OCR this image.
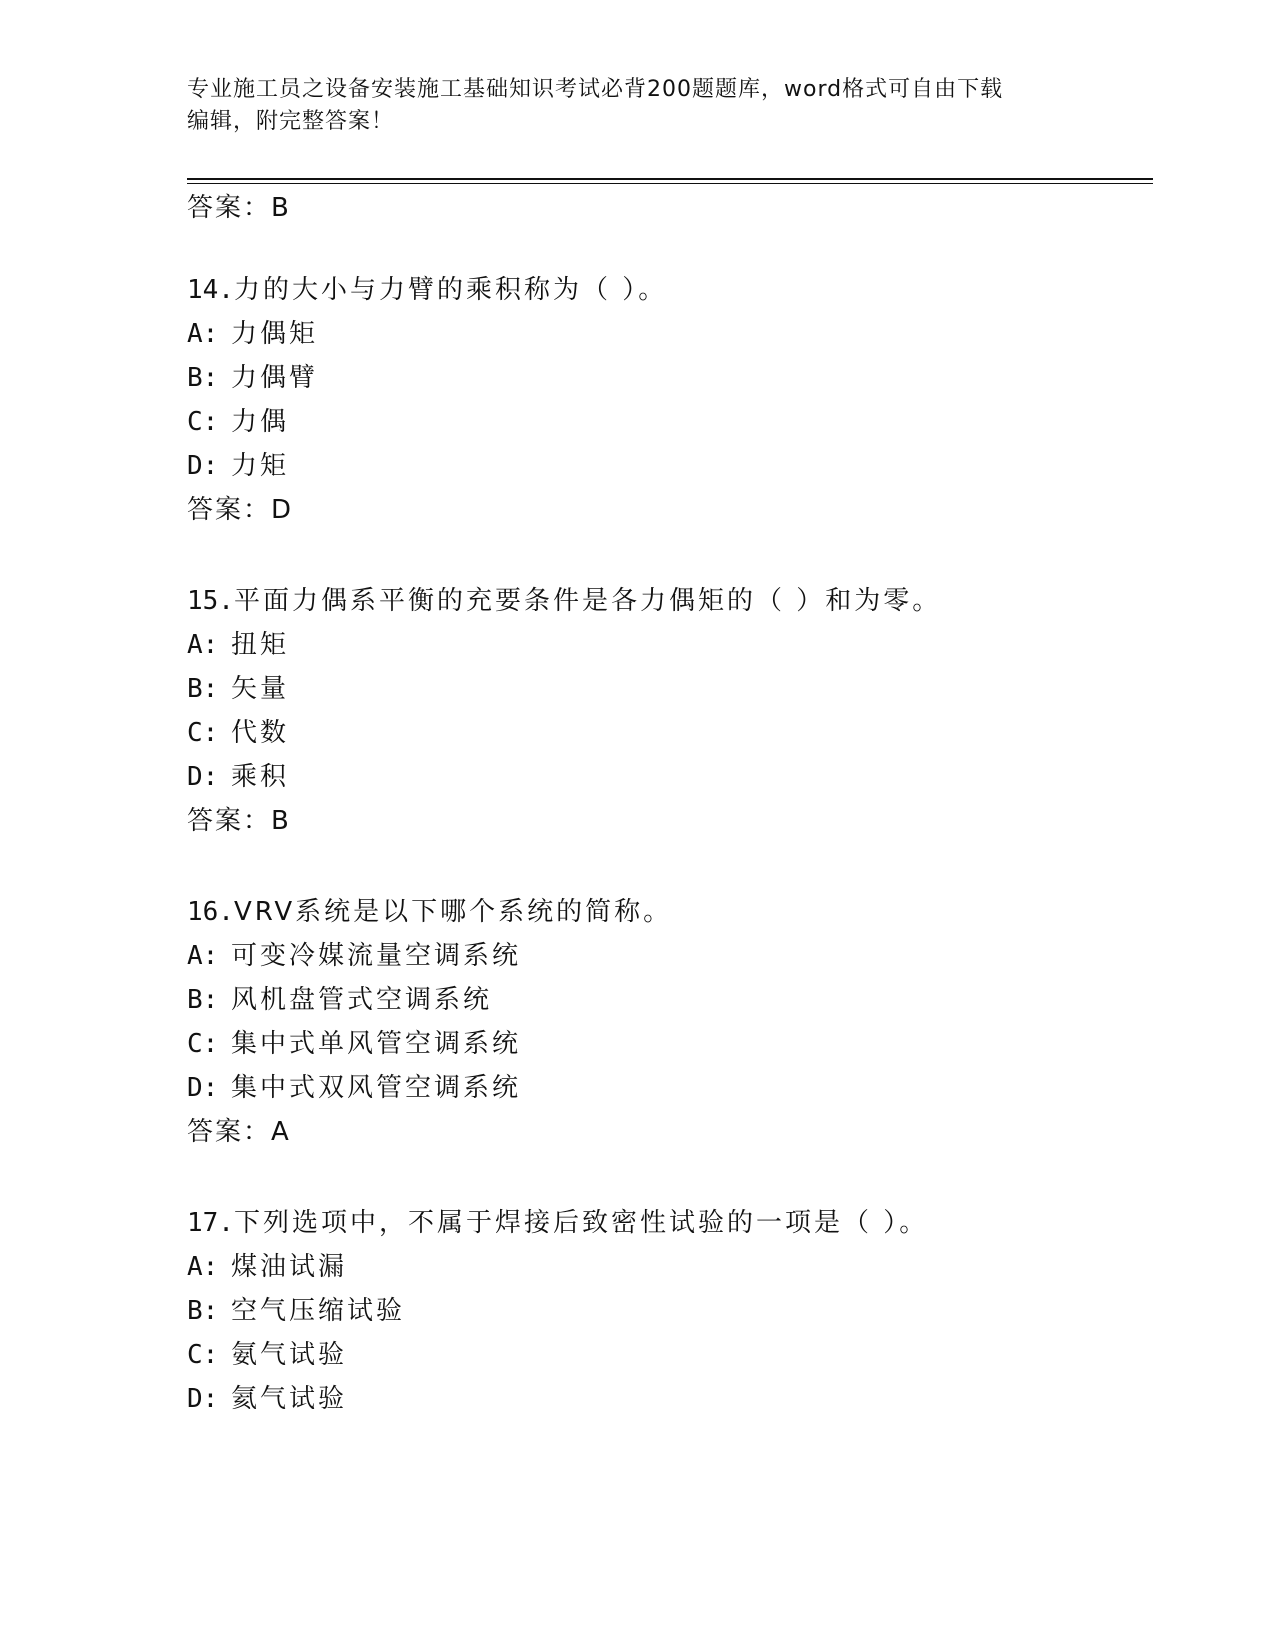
专业施工员之设备安装施工基础知识考试必背200题题库，word格式可自由下载
编辑，附完整答案！
答案：B
14.力的大小与力臂的乘积称为（ ）。
A: 力偶矩
B: 力偶臂
C: 力偶
D: 力矩
答案：D
15.平面力偶系平衡的充要条件是各力偶矩的（ ）和为零。
A: 扭矩
B: 矢量
C: 代数
D: 乘积
答案：B
16.VRV系统是以下哪个系统的简称。
A: 可变冷媒流量空调系统
B: 风机盘管式空调系统
C: 集中式单风管空调系统
D: 集中式双风管空调系统
答案：A
17.下列选项中，不属于焊接后致密性试验的一项是（ ）。
A: 煤油试漏
B: 空气压缩试验
C: 氨气试验
D: 氦气试验
